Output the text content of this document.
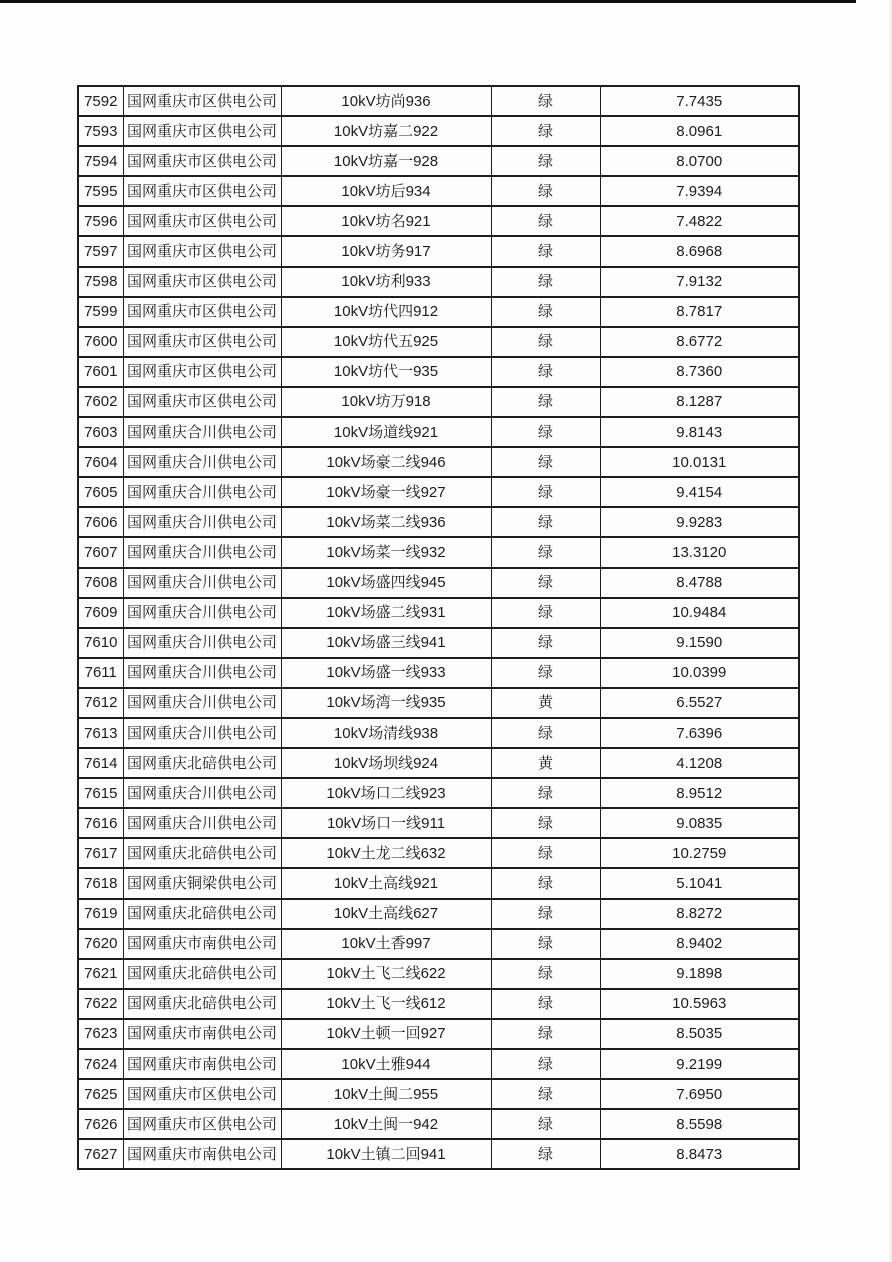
7592	国网重庆市区供电公司	10kV坊尚936	绿	7.7435
7593	国网重庆市区供电公司	10kV坊嘉二922	绿	8.0961
7594	国网重庆市区供电公司	10kV坊嘉一928	绿	8.0700
7595	国网重庆市区供电公司	10kV坊后934	绿	7.9394
7596	国网重庆市区供电公司	10kV坊名921	绿	7.4822
7597	国网重庆市区供电公司	10kV坊务917	绿	8.6968
7598	国网重庆市区供电公司	10kV坊利933	绿	7.9132
7599	国网重庆市区供电公司	10kV坊代四912	绿	8.7817
7600	国网重庆市区供电公司	10kV坊代五925	绿	8.6772
7601	国网重庆市区供电公司	10kV坊代一935	绿	8.7360
7602	国网重庆市区供电公司	10kV坊万918	绿	8.1287
7603	国网重庆合川供电公司	10kV场道线921	绿	9.8143
7604	国网重庆合川供电公司	10kV场豪二线946	绿	10.0131
7605	国网重庆合川供电公司	10kV场豪一线927	绿	9.4154
7606	国网重庆合川供电公司	10kV场菜二线936	绿	9.9283
7607	国网重庆合川供电公司	10kV场菜一线932	绿	13.3120
7608	国网重庆合川供电公司	10kV场盛四线945	绿	8.4788
7609	国网重庆合川供电公司	10kV场盛二线931	绿	10.9484
7610	国网重庆合川供电公司	10kV场盛三线941	绿	9.1590
7611	国网重庆合川供电公司	10kV场盛一线933	绿	10.0399
7612	国网重庆合川供电公司	10kV场湾一线935	黄	6.5527
7613	国网重庆合川供电公司	10kV场清线938	绿	7.6396
7614	国网重庆北碚供电公司	10kV场坝线924	黄	4.1208
7615	国网重庆合川供电公司	10kV场口二线923	绿	8.9512
7616	国网重庆合川供电公司	10kV场口一线911	绿	9.0835
7617	国网重庆北碚供电公司	10kV土龙二线632	绿	10.2759
7618	国网重庆铜梁供电公司	10kV土高线921	绿	5.1041
7619	国网重庆北碚供电公司	10kV土高线627	绿	8.8272
7620	国网重庆市南供电公司	10kV土香997	绿	8.9402
7621	国网重庆北碚供电公司	10kV土飞二线622	绿	9.1898
7622	国网重庆北碚供电公司	10kV土飞一线612	绿	10.5963
7623	国网重庆市南供电公司	10kV土顿一回927	绿	8.5035
7624	国网重庆市南供电公司	10kV土雅944	绿	9.2199
7625	国网重庆市区供电公司	10kV土闽二955	绿	7.6950
7626	国网重庆市区供电公司	10kV土闽一942	绿	8.5598
7627	国网重庆市南供电公司	10kV土镇二回941	绿	8.8473
